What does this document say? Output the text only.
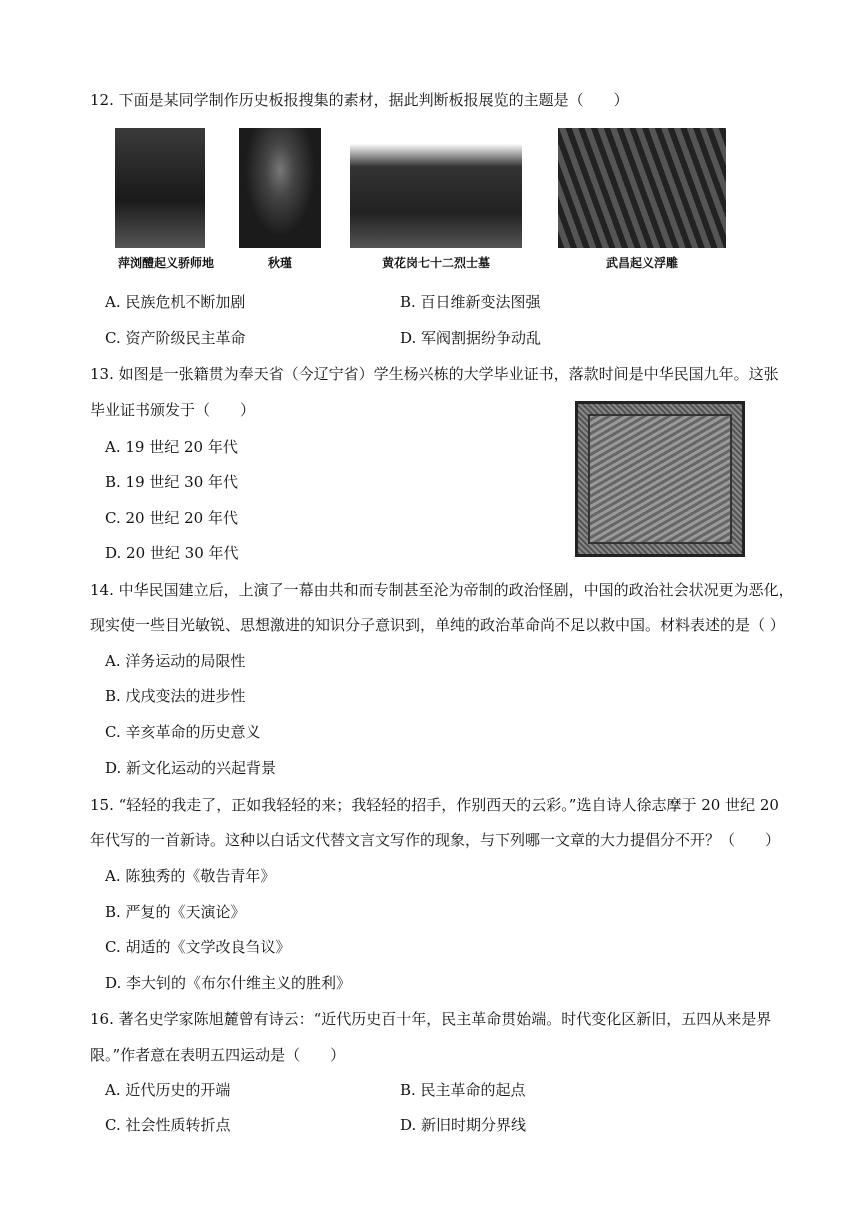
12. 下面是某同学制作历史板报搜集的素材，据此判断板报展览的主题是（　　）
萍浏醴起义骄师地	秋瑾	黄花岗七十二烈士墓	武昌起义浮雕
A. 民族危机不断加剧	B. 百日维新变法图强
C. 资产阶级民主革命	D. 军阀割据纷争动乱
13. 如图是一张籍贯为奉天省（今辽宁省）学生杨兴栋的大学毕业证书，落款时间是中华民国九年。这张
毕业证书颁发于（　　）
A. 19 世纪 20 年代
B. 19 世纪 30 年代
C. 20 世纪 20 年代
D. 20 世纪 30 年代
14. 中华民国建立后，上演了一幕由共和而专制甚至沦为帝制的政治怪剧，中国的政治社会状况更为恶化，
现实使一些目光敏锐、思想激进的知识分子意识到，单纯的政治革命尚不足以救中国。材料表述的是（ ）
A. 洋务运动的局限性
B. 戊戌变法的进步性
C. 辛亥革命的历史意义
D. 新文化运动的兴起背景
15. “轻轻的我走了，正如我轻轻的来；我轻轻的招手，作别西天的云彩。”选自诗人徐志摩于 20 世纪 20
年代写的一首新诗。这种以白话文代替文言文写作的现象，与下列哪一文章的大力提倡分不开？（　　）
A. 陈独秀的《敬告青年》
B. 严复的《天演论》
C. 胡适的《文学改良刍议》
D. 李大钊的《布尔什维主义的胜利》
16. 著名史学家陈旭麓曾有诗云：“近代历史百十年，民主革命贯始端。时代变化区新旧，五四从来是界
限。”作者意在表明五四运动是（　　）
A. 近代历史的开端	B. 民主革命的起点
C. 社会性质转折点	D. 新旧时期分界线
